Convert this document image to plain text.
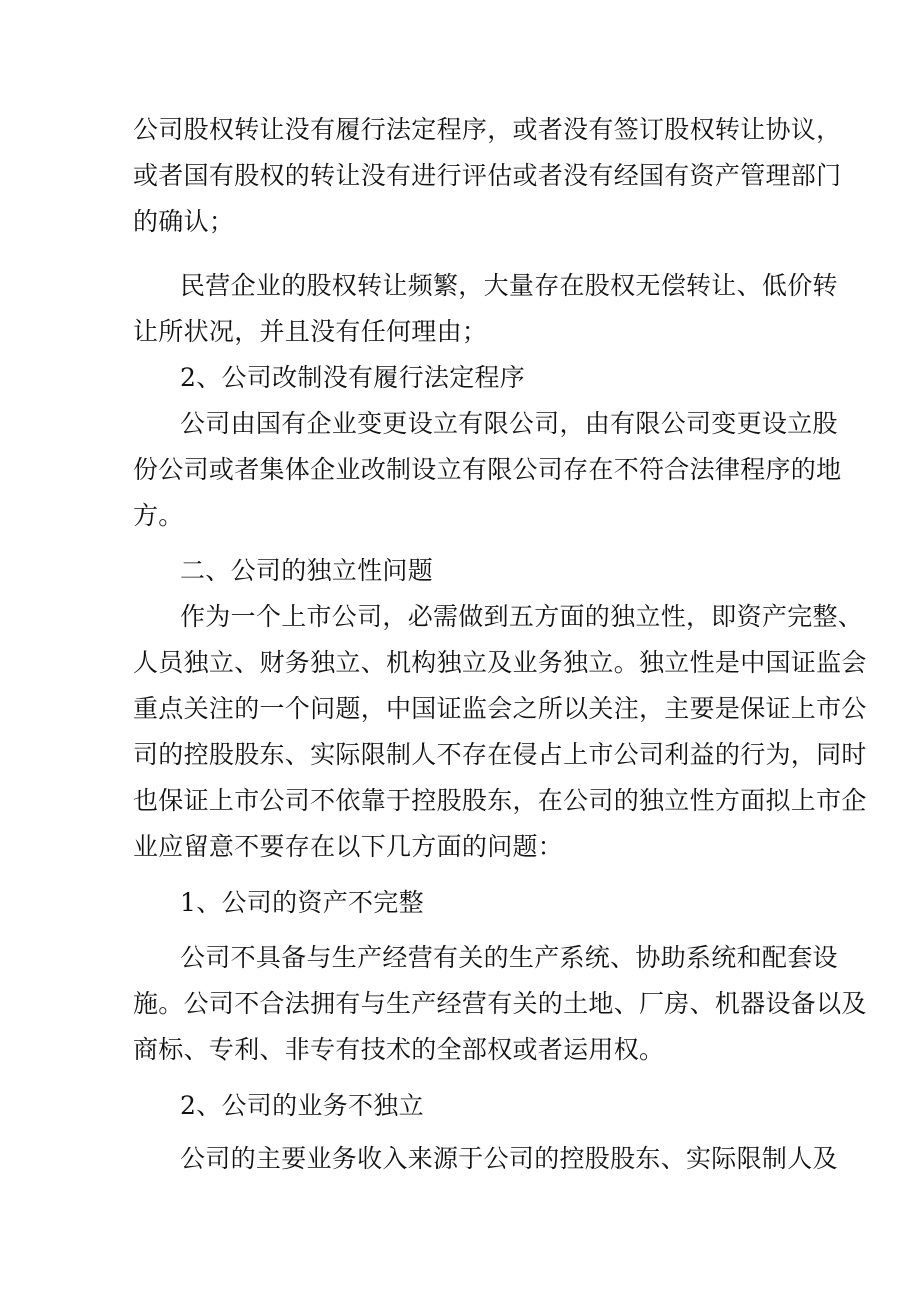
公司股权转让没有履行法定程序，或者没有签订股权转让协议，
或者国有股权的转让没有进行评估或者没有经国有资产管理部门
的确认；
民营企业的股权转让频繁，大量存在股权无偿转让、低价转
让所状况，并且没有任何理由；
2、公司改制没有履行法定程序
公司由国有企业变更设立有限公司，由有限公司变更设立股
份公司或者集体企业改制设立有限公司存在不符合法律程序的地
方。
二、公司的独立性问题
作为一个上市公司，必需做到五方面的独立性，即资产完整、
人员独立、财务独立、机构独立及业务独立。独立性是中国证监会
重点关注的一个问题，中国证监会之所以关注，主要是保证上市公
司的控股股东、实际限制人不存在侵占上市公司利益的行为，同时
也保证上市公司不依靠于控股股东，在公司的独立性方面拟上市企
业应留意不要存在以下几方面的问题：
1、公司的资产不完整
公司不具备与生产经营有关的生产系统、协助系统和配套设
施。公司不合法拥有与生产经营有关的土地、厂房、机器设备以及
商标、专利、非专有技术的全部权或者运用权。
2、公司的业务不独立
公司的主要业务收入来源于公司的控股股东、实际限制人及
